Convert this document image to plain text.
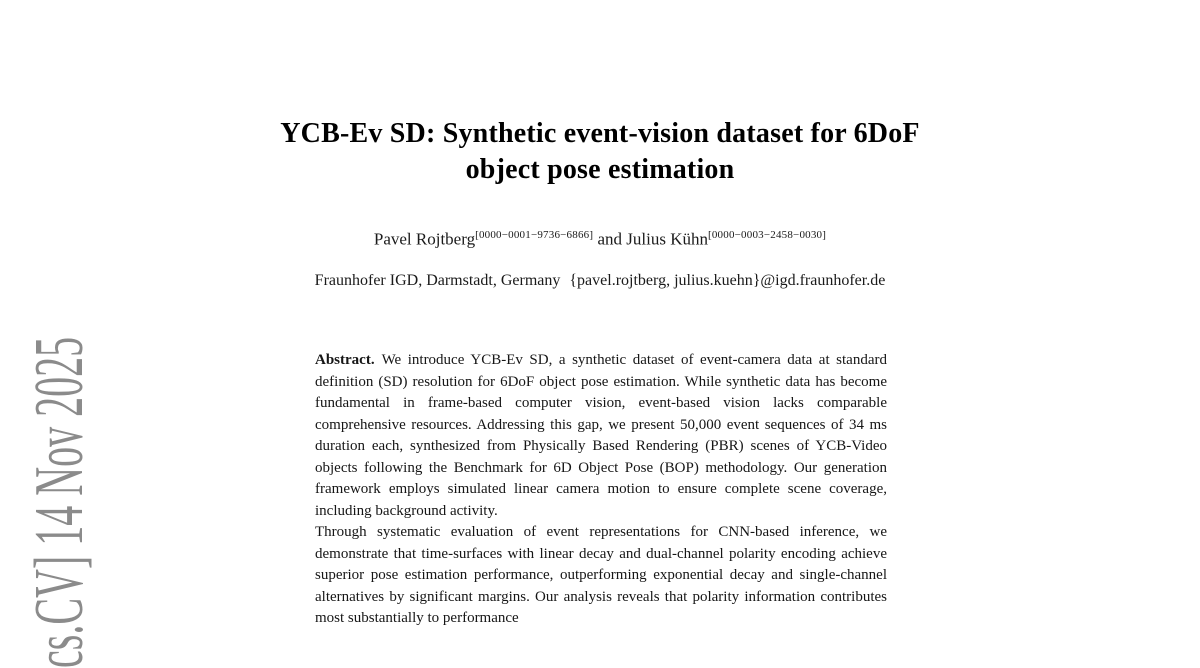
cs.CV] 14 Nov 2025
YCB-Ev SD: Synthetic event-vision dataset for 6DoF
object pose estimation
Pavel Rojtberg[0000−0001−9736−6866] and Julius Kühn[0000−0003−2458−0030]
Fraunhofer IGD, Darmstadt, Germany {pavel.rojtberg, julius.kuehn}@igd.fraunhofer.de

Abstract. We introduce YCB-Ev SD, a synthetic dataset of event-camera data at standard definition (SD) resolution for 6DoF object pose estimation. While synthetic data has become fundamental in frame-based computer vision, event-based vision lacks comparable comprehensive resources. Addressing this gap, we present 50,000 event sequences of 34 ms duration each, synthesized from Physically Based Rendering (PBR) scenes of YCB-Video objects following the Benchmark for 6D Object Pose (BOP) methodology. Our generation framework employs simulated linear camera motion to ensure complete scene coverage, including background activity.

Through systematic evaluation of event representations for CNN-based inference, we demonstrate that time-surfaces with linear decay and dual-channel polarity encoding achieve superior pose estimation performance, outperforming exponential decay and single-channel alternatives by significant margins. Our analysis reveals that polarity information contributes most substantially to performance
